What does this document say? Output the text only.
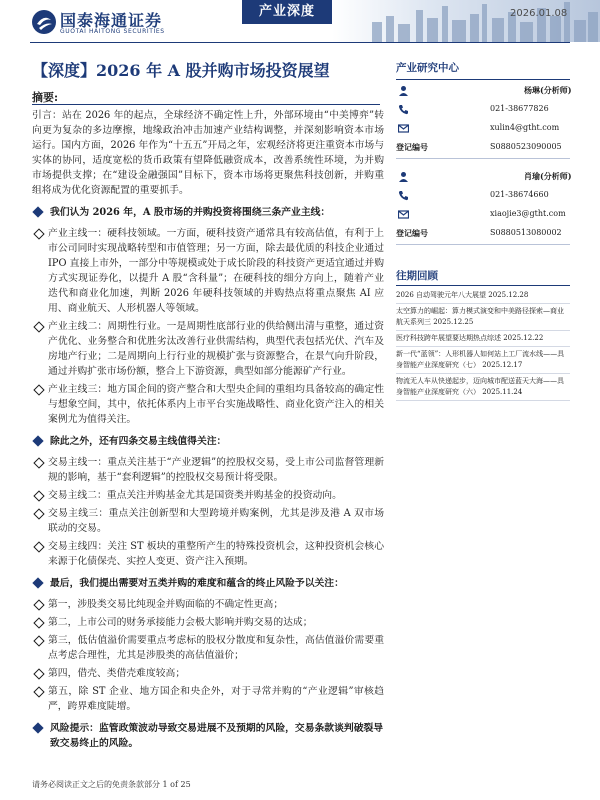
国泰海通证券
GUOTAI HAITONG SECURITIES
产业深度	2026.01.08
【深度】2026 年 A 股并购市场投资展望
摘要:

引言：站在 2026 年的起点，全球经济不确定性上升，外部环境由“中美博弈”转向更为复杂的多边摩擦，地缘政治冲击加速产业结构调整，并深刻影响资本市场运行。国内方面，2026 年作为“十五五”开局之年，宏观经济将更注重资本市场与实体的协同，适度宽松的货币政策有望降低融资成本，改善系统性环境，为并购市场提供支撑；在“建设金融强国”目标下，资本市场将更聚焦科技创新，并购重组将成为优化资源配置的重要抓手。

我们认为 2026 年，A 股市场的并购投资将围绕三条产业主线：
产业主线一：硬科技领域。一方面，硬科技资产通常具有较高估值，有利于上市公司同时实现战略转型和市值管理；另一方面，除去最优质的科技企业通过 IPO 直接上市外，一部分中等规模或处于成长阶段的科技资产更适宜通过并购方式实现证券化，以提升 A 股“含科量”；在硬科技的细分方向上，随着产业迭代和商业化加速，判断 2026 年硬科技领域的并购热点将重点聚焦 AI 应用、商业航天、人形机器人等领域。
产业主线二：周期性行业。一是周期性底部行业的供给侧出清与重整，通过资产优化、业务整合和优胜劣汰改善行业供需结构，典型代表包括光伏、汽车及房地产行业；二是周期向上行行业的规模扩张与资源整合，在景气向升阶段，通过并购扩张市场份额，整合上下游资源，典型如部分能源矿产行业。
产业主线三：地方国企间的资产整合和大型央企间的重组均具备较高的确定性与想象空间，其中，依托体系内上市平台实施战略性、商业化资产注入的相关案例尤为值得关注。
除此之外，还有四条交易主线值得关注：
交易主线一：重点关注基于“产业逻辑”的控股权交易，受上市公司监督管理新规的影响，基于“套利逻辑”的控股权交易预计将受限。
交易主线二：重点关注并购基金尤其是国资类并购基金的投资动向。
交易主线三：重点关注创新型和大型跨境并购案例，尤其是涉及港 A 双市场联动的交易。
交易主线四：关注 ST 板块的重整所产生的特殊投资机会，这种投资机会核心来源于化债保壳、实控人变更、资产注入预期。
最后，我们提出需要对五类并购的难度和蕴含的终止风险予以关注：
第一，涉股类交易比纯现金并购面临的不确定性更高；
第二，上市公司的财务承接能力会极大影响并购交易的达成；
第三，低估值溢价需要重点考虑标的股权分散度和复杂性，高估值溢价需要重点考虑合理性，尤其是涉股类的高估值溢价；
第四，借壳、类借壳难度较高；
第五，除 ST 企业、地方国企和央企外，对于寻常并购的“产业逻辑”审核趋严，跨界难度陡增。
风险提示：监管政策波动导致交易进展不及预期的风险，交易条款谈判破裂导致交易终止的风险。
产业研究中心
杨琳(分析师)
021-38677826
xulin4@gtht.com
登记编号	S0880523090005
肖瑜(分析师)
021-38674660
xiaojie3@gtht.com
登记编号	S0880513080002
往期回顾
2026 自动驾驶元年八大展望 2025.12.28
太空算力的崛起：算力模式演变和中美路径探索—商业航天系列三 2025.12.25
医疗科技跨年展望要达期热点综述 2025.12.22
新一代“蓝领”：人形机器人如何站上工厂流水线——具身智能产业深度研究（七） 2025.12.17
物流无人车从快递起步，迈向城市配送蓝天大海——具身智能产业深度研究（六） 2025.11.24
请务必阅读正文之后的免责条款部分 1 of 25
